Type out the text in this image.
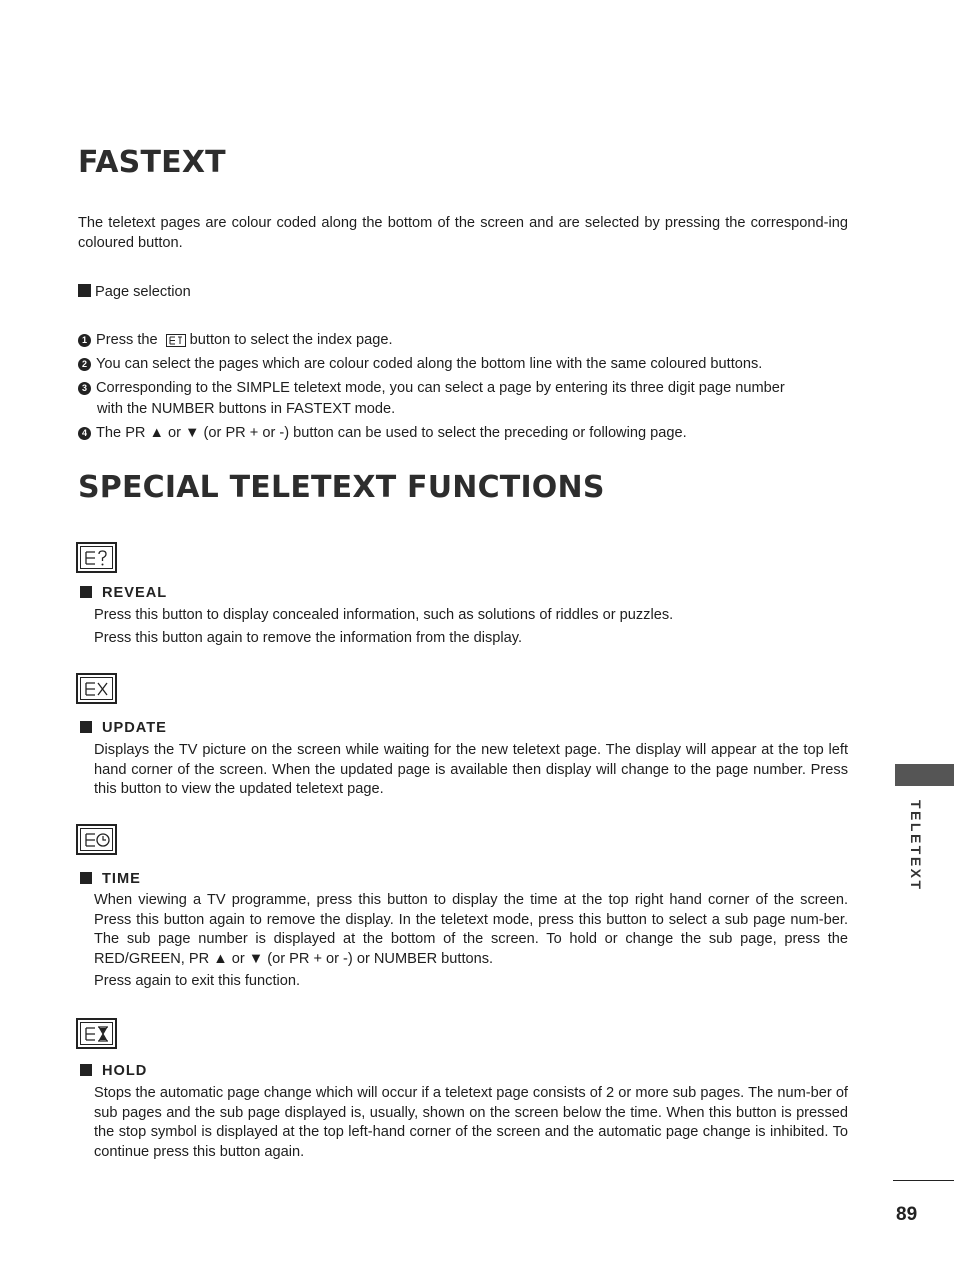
FASTEXT
The teletext pages are colour coded along the bottom of the screen and are selected by pressing the correspond-ing coloured button.
Page selection
1 Press the button to select the index page.
2 You can select the pages which are colour coded along the bottom line with the same coloured buttons.
3 Corresponding to the SIMPLE teletext mode, you can select a page by entering its three digit page number
with the NUMBER buttons in FASTEXT mode.
4 The PR ▲ or ▼ (or PR + or -) button can be used to select the preceding or following page.
SPECIAL TELETEXT FUNCTIONS
REVEAL

Press this button to display concealed information, such as solutions of riddles or puzzles.

Press this button again to remove the information from the display.

UPDATE

Displays the TV picture on the screen while waiting for the new teletext page. The display will appear at the top left hand corner of the screen. When the updated page is available then display will change to the page number. Press this button to view the updated teletext page.

TIME

When viewing a TV programme, press this button to display the time at the top right hand corner of the screen. Press this button again to remove the display. In the teletext mode, press this button to select a sub page num-ber. The sub page number is displayed at the bottom of the screen. To hold or change the sub page, press the RED/GREEN, PR ▲ or ▼ (or PR + or -) or NUMBER buttons.

Press again to exit this function.

HOLD

Stops the automatic page change which will occur if a teletext page consists of 2 or more sub pages. The num-ber of sub pages and the sub page displayed is, usually, shown on the screen below the time. When this button is pressed the stop symbol is displayed at the top left-hand corner of the screen and the automatic page change is inhibited. To continue press this button again.

TELETEXT
89
